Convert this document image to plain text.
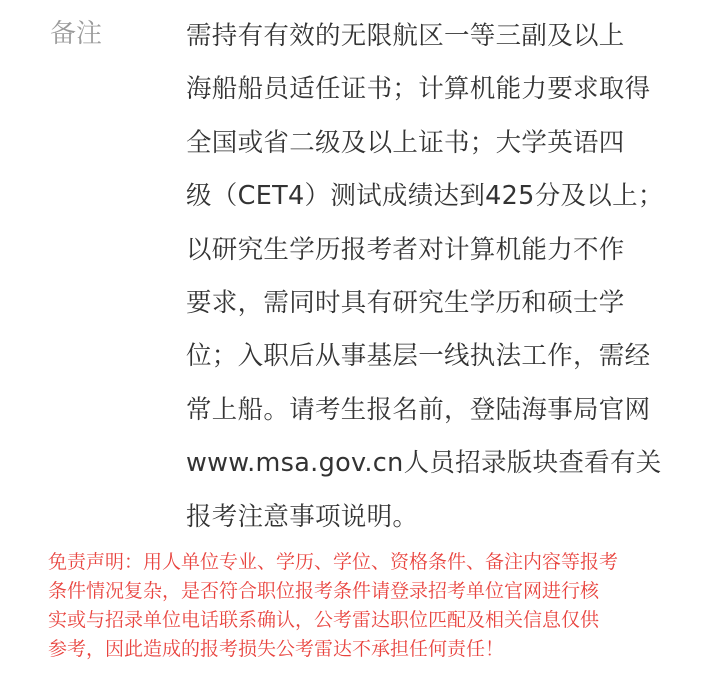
备注	需持有有效的无限航区一等三副及以上
海船船员适任证书；计算机能力要求取得
全国或省二级及以上证书；大学英语四
级（CET4）测试成绩达到425分及以上；
以研究生学历报考者对计算机能力不作
要求，需同时具有研究生学历和硕士学
位；入职后从事基层一线执法工作，需经
常上船。请考生报名前，登陆海事局官网
www.msa.gov.cn人员招录版块查看有关
报考注意事项说明。

免责声明：用人单位专业、学历、学位、资格条件、备注内容等报考
条件情况复杂，是否符合职位报考条件请登录招考单位官网进行核
实或与招录单位电话联系确认，公考雷达职位匹配及相关信息仅供
参考，因此造成的报考损失公考雷达不承担任何责任！
